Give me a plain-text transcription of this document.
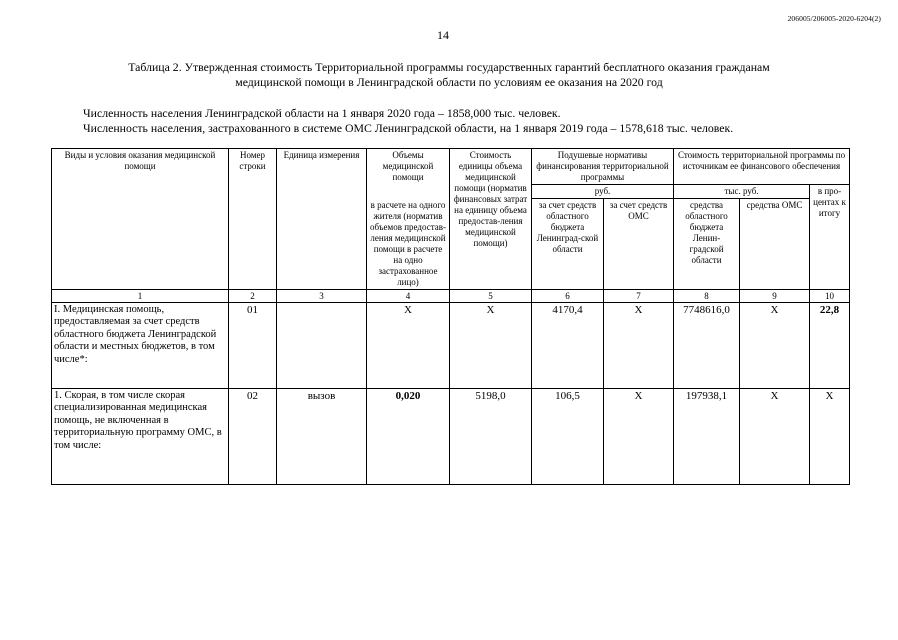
206005/206005-2020-6204(2)
14
Таблица 2. Утвержденная стоимость Территориальной программы государственных гарантий бесплатного оказания гражданам
медицинской помощи в Ленинградской области по условиям ее оказания на 2020 год
Численность населения Ленинградской области на 1 января 2020 года – 1858,000 тыс. человек.
Численность населения, застрахованного в системе ОМС Ленинградской области, на 1 января 2019 года – 1578,618 тыс. человек.
Виды и условия оказания медицинской помощи	Номер строки	Единица измерения	Объемы медицинской помощи	Стоимость единицы объема медицинской помощи (норматив финансовых затрат на единицу объема предостав-ления медицинской помощи)	Подушевые нормативы финансирования территориальной программы		Стоимость территориальной программы по источникам ее финансового обеспечения		
					руб.		тыс. руб.		в про-центах к итогу
			в расчете на одного жителя (норматив объемов предостав-ления медицинской помощи в расчете на одно застрахованное лицо)		за счет средств областного бюджета Ленинград-ской области	за счет средств ОМС	средства областного бюджета Ленин-градской области	средства ОМС	
1	2	3	4	5	6	7	8	9	10
I. Медицинская помощь, предоставляемая за счет средств областного бюджета Ленинградской области и местных бюджетов, в том числе*:	01		X	X	4170,4	X	7748616,0	X	22,8
1. Скорая, в том числе скорая специализированная медицинская помощь, не включенная в территориальную программу ОМС, в том числе:	02	вызов	0,020	5198,0	106,5	X	197938,1	X	X
